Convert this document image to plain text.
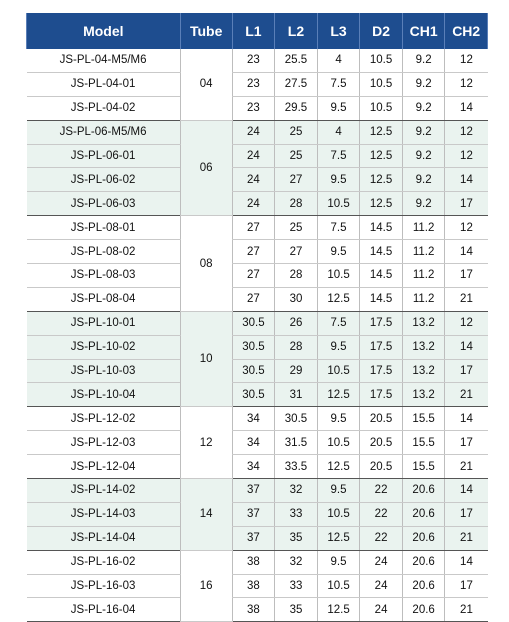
Model	Tube	L1	L2	L3	D2	CH1	CH2
JS-PL-04-M5/M6	04	23	25.5	4	10.5	9.2	12
JS-PL-04-01		23	27.5	7.5	10.5	9.2	12
JS-PL-04-02		23	29.5	9.5	10.5	9.2	14
JS-PL-06-M5/M6	06	24	25	4	12.5	9.2	12
JS-PL-06-01		24	25	7.5	12.5	9.2	12
JS-PL-06-02		24	27	9.5	12.5	9.2	14
JS-PL-06-03		24	28	10.5	12.5	9.2	17
JS-PL-08-01	08	27	25	7.5	14.5	11.2	12
JS-PL-08-02		27	27	9.5	14.5	11.2	14
JS-PL-08-03		27	28	10.5	14.5	11.2	17
JS-PL-08-04		27	30	12.5	14.5	11.2	21
JS-PL-10-01	10	30.5	26	7.5	17.5	13.2	12
JS-PL-10-02		30.5	28	9.5	17.5	13.2	14
JS-PL-10-03		30.5	29	10.5	17.5	13.2	17
JS-PL-10-04		30.5	31	12.5	17.5	13.2	21
JS-PL-12-02	12	34	30.5	9.5	20.5	15.5	14
JS-PL-12-03		34	31.5	10.5	20.5	15.5	17
JS-PL-12-04		34	33.5	12.5	20.5	15.5	21
JS-PL-14-02	14	37	32	9.5	22	20.6	14
JS-PL-14-03		37	33	10.5	22	20.6	17
JS-PL-14-04		37	35	12.5	22	20.6	21
JS-PL-16-02	16	38	32	9.5	24	20.6	14
JS-PL-16-03		38	33	10.5	24	20.6	17
JS-PL-16-04		38	35	12.5	24	20.6	21
